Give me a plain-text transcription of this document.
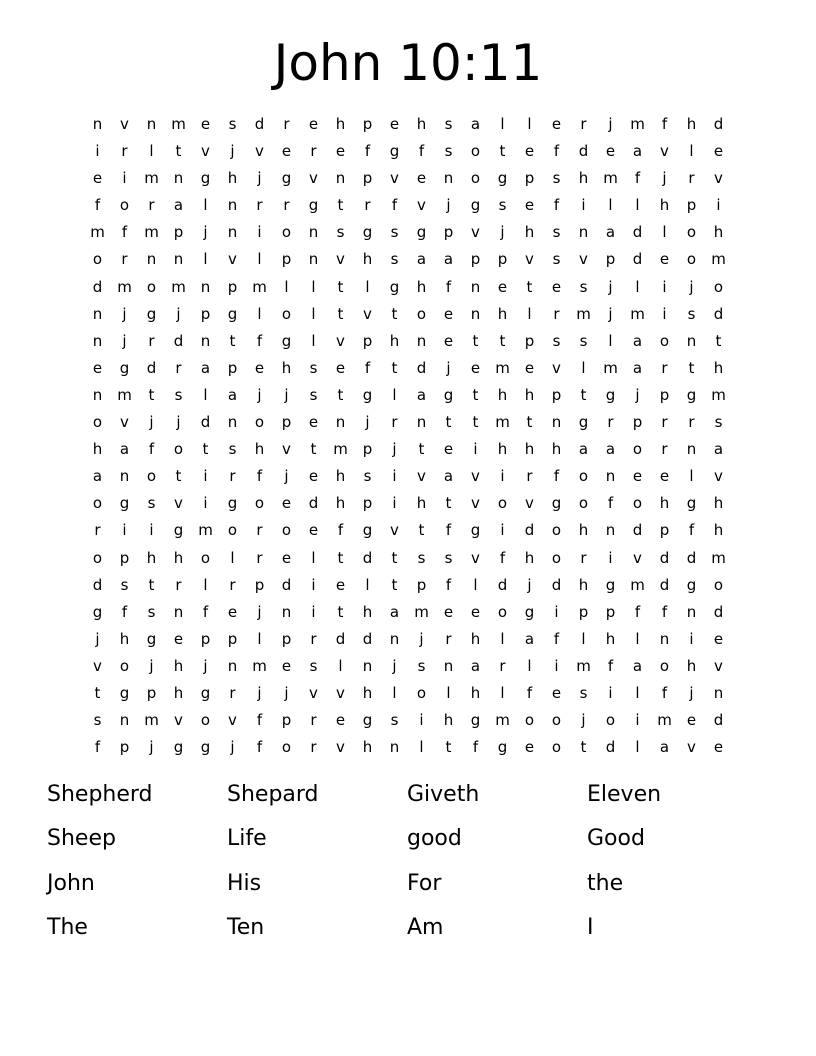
John 10:11
n	v	n m	e	s	d	r	e	h	p	e	h	s	a	l	l	e	r	j	m	f	h	d
i	r	l	t	v	j	v	e	r	e	f	g	f	s	o	t	e	f	d	e	a	v	l	e
e	i	m n	g	h	j	g	v	n	p	v	e	n	o	g	p	s	h m	f	j	r	v
f	o	r	a	l	n	r	r	g	t	r	f	v	j	g	s	e	f	i	l	l	h	p	i
m	f	m p	j	n	i	o	n	s	g	s	g	p	v	j	h	s	n	a	d	l	o	h
o	r	n	n	l	v	l	p	n	v	h	s	a	a	p	p	v	s	v	p	d	e	o	m
d m	o	m n	p m	l	l	t	l	g	h	f	n	e	t	e	s	j	l	i	j	o
n	j	g	j	p	g	l	o	l	t	v	t	o	e	n	h	l	r	m	j	m	i	s	d
n	j	r	d	n	t	f	g	l	v	p	h	n	e	t	t	p	s	s	l	a	o	n	t
e	g	d	r	a	p	e	h	s	e	f	t	d	j	e	m	e	v	l	m	a	r	t	h
n m	t	s	l	a	j	j	s	t	g	l	a	g	t	h	h	p	t	g	j	p	g m
o	v	j	j	d	n	o	p	e	n	j	r	n	t	t	m	t	n	g	r	p	r	r	s
h	a	f	o	t	s	h	v	t	m p	j	t	e	i	h	h	h	a	a	o	r	n	a
a	n	o	t	i	r	f	j	e	h	s	i	v	a	v	i	r	f	o	n	e	e	l	v
o	g	s	v	i	g	o	e	d	h	p	i	h	t	v	o	v	g	o	f	o	h	g	h
r	i	i	g m	o	r	o	e	f	g	v	t	f	g	i	d	o	h	n	d	p	f	h
o	p	h	h	o	l	r	e	l	t	d	t	s	s	v	f	h	o	r	i	v	d	d m
d	s	t	r	l	r	p	d	i	e	l	t	p	f	l	d	j	d	h	g m d	g	o
g	f	s	n	f	e	j	n	i	t	h	a	m	e	e	o	g	i	p	p	f	f	n	d
j	h	g	e	p	p	l	p	r	d	d	n	j	r	h	l	a	f	l	h	l	n	i	e
v	o	j	h	j	n m	e	s	l	n	j	s	n	a	r	l	i	m	f	a	o	h	v
t	g	p	h	g	r	j	j	v	v	h	l	o	l	h	l	f	e	s	i	l	f	j	n
s	n m	v	o	v	f	p	r	e	g	s	i	h	g m	o	o	j	o	i	m	e	d
f	p	j	g	g	j	f	o	r	v	h	n	l	t	f	g	e	o	t	d	l	a	v	e
Shepherd	Shepard	Giveth	Eleven
Sheep	Life	good	Good
John	His	For	the
The	Ten	Am	I
